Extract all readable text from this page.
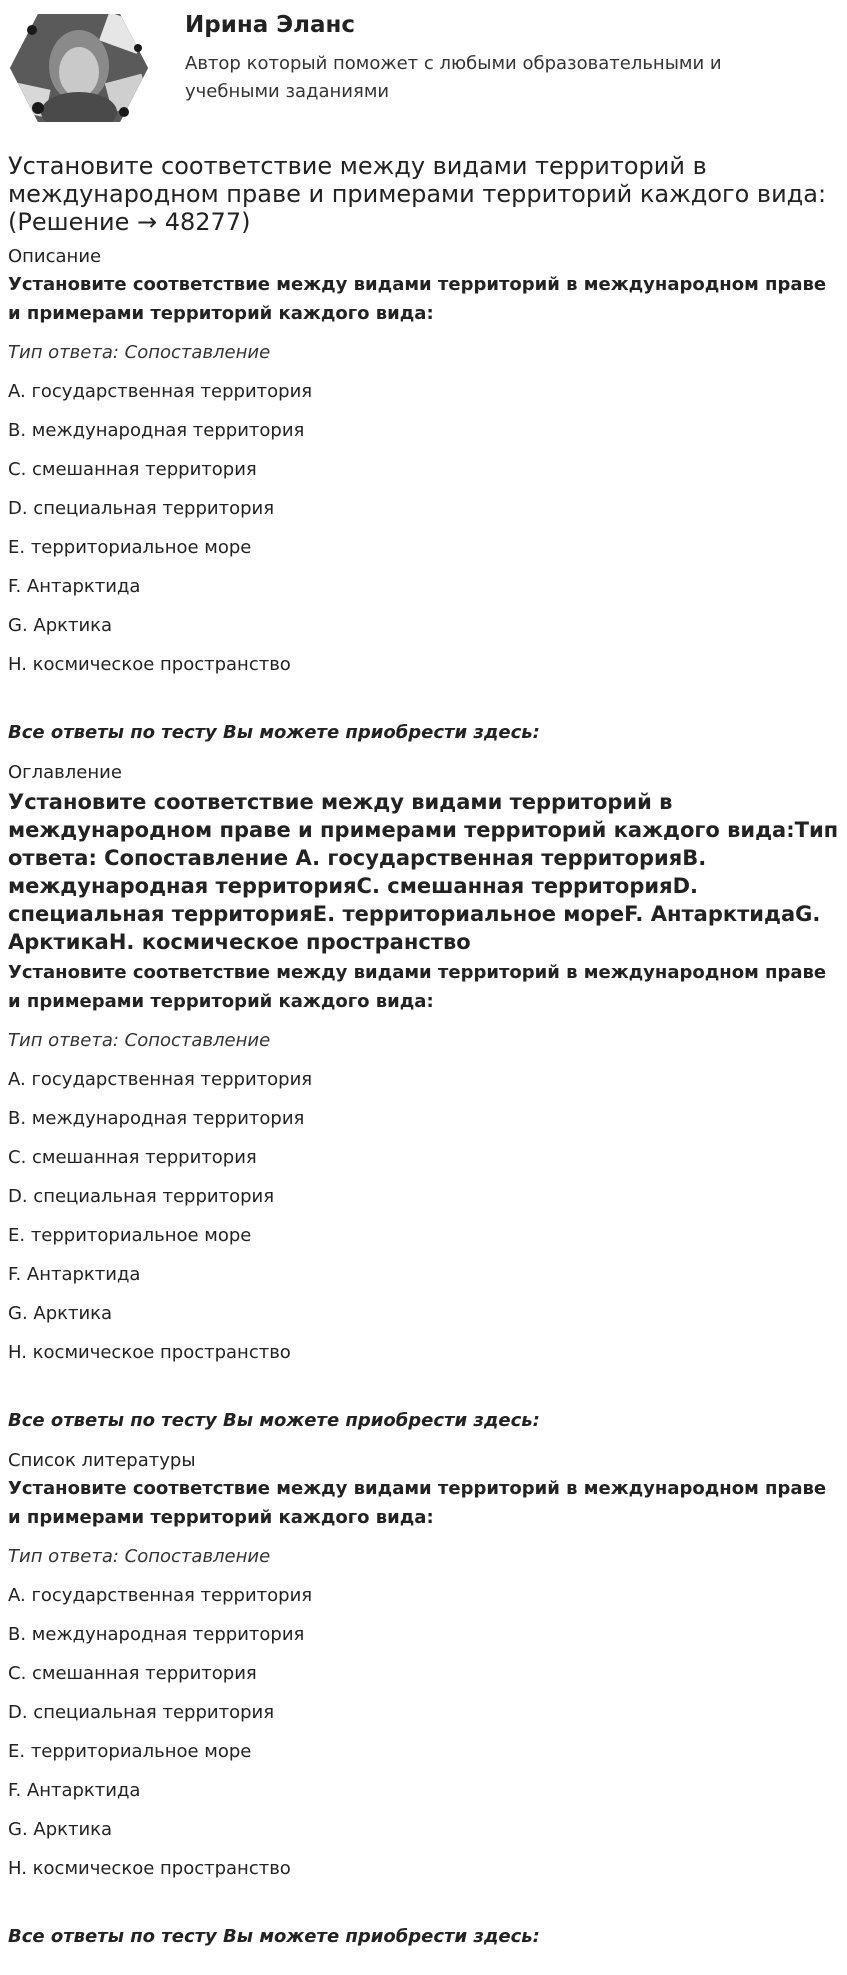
Ирина Эланс

Автор который поможет с любыми образовательными и учебными заданиями

Установите соответствие между видами территорий в международном праве и примерами территорий каждого вида: (Решение → 48277)
Описание
Установите соответствие между видами территорий в международном праве и примерами территорий каждого вида:
Тип ответа: Сопоставление
A. государственная территория
B. международная территория
C. смешанная территория
D. специальная территория
E. территориальное море
F. Антарктида
G. Арктика
H. космическое пространство
Все ответы по тесту Вы можете приобрести здесь:
Оглавление
Установите соответствие между видами территорий в международном праве и примерами территорий каждого вида:Тип ответа: Сопоставление A. государственная территорияB. международная территорияC. смешанная территорияD. специальная территорияE. территориальное мореF. АнтарктидаG. АрктикаH. космическое пространство
Установите соответствие между видами территорий в международном праве и примерами территорий каждого вида:
Тип ответа: Сопоставление
A. государственная территория
B. международная территория
C. смешанная территория
D. специальная территория
E. территориальное море
F. Антарктида
G. Арктика
H. космическое пространство
Все ответы по тесту Вы можете приобрести здесь:
Список литературы
Установите соответствие между видами территорий в международном праве и примерами территорий каждого вида:
Тип ответа: Сопоставление
A. государственная территория
B. международная территория
C. смешанная территория
D. специальная территория
E. территориальное море
F. Антарктида
G. Арктика
H. космическое пространство
Все ответы по тесту Вы можете приобрести здесь:
